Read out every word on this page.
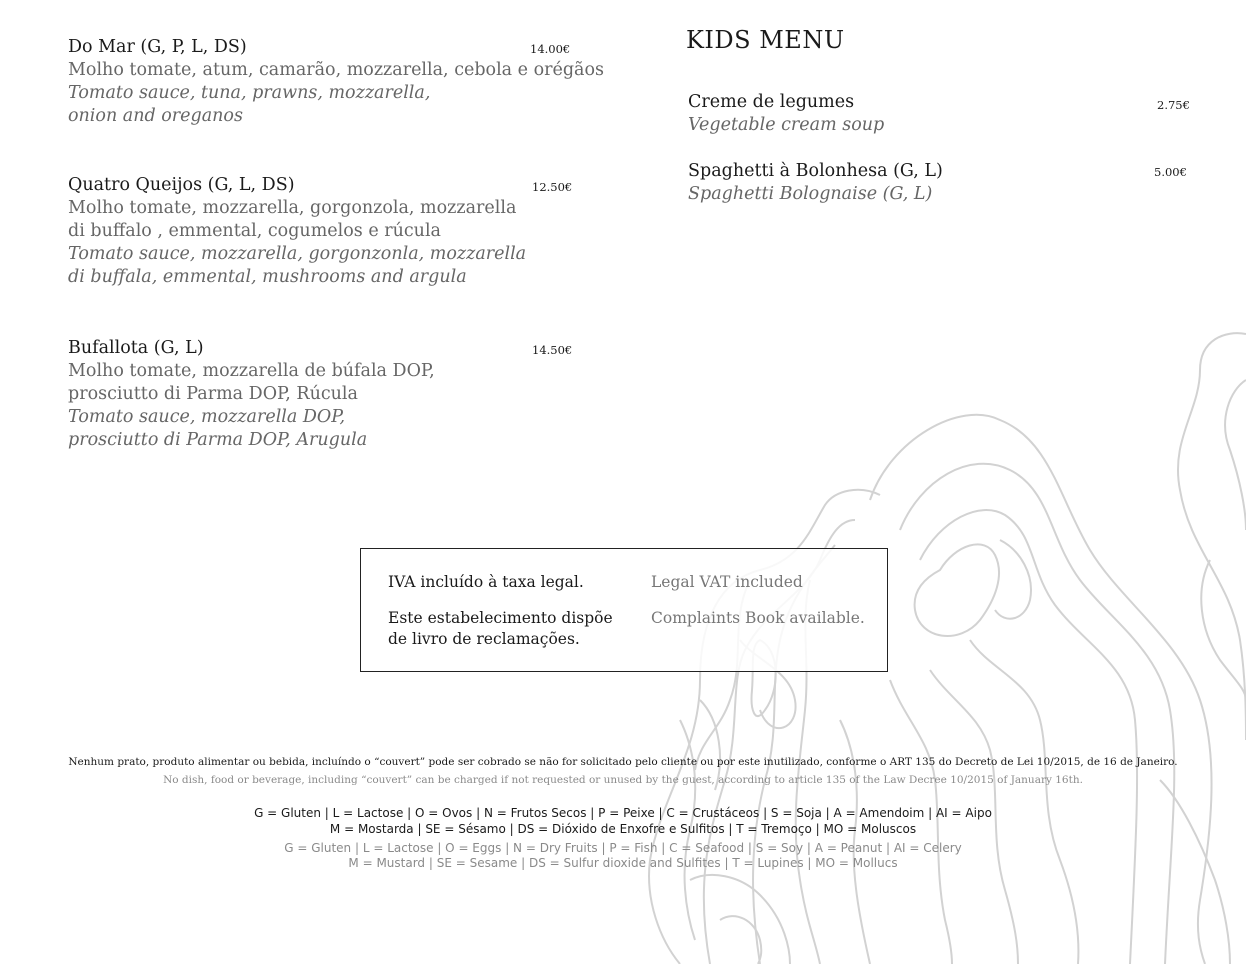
Do Mar (G, P, L, DS)
Molho tomate, atum, camarão, mozzarella, cebola e orégãos
Tomato sauce, tuna, prawns, mozzarella,
onion and oreganos
14.00€
Quatro Queijos (G, L, DS)
Molho tomate, mozzarella, gorgonzola, mozzarella
di buffalo , emmental, cogumelos e rúcula
Tomato sauce, mozzarella, gorgonzonla, mozzarella
di buffala, emmental, mushrooms and argula
12.50€
Bufallota (G, L)
Molho tomate, mozzarella de búfala DOP,
prosciutto di Parma DOP, Rúcula
Tomato sauce, mozzarella DOP,
prosciutto di Parma DOP, Arugula
14.50€
KIDS MENU
Creme de legumes
Vegetable cream soup
2.75€
Spaghetti à Bolonhesa (G, L)
Spaghetti Bolognaise (G, L)
5.00€
IVA incluído à taxa legal.	Legal VAT included
Este estabelecimento dispõe
de livro de reclamações.
Complaints Book available.
Nenhum prato, produto alimentar ou bebida, incluíndo o “couvert” pode ser cobrado se não for solicitado pelo cliente ou por este inutilizado, conforme o ART 135 do Decreto de Lei 10/2015, de 16 de Janeiro.
No dish, food or beverage, including “couvert” can be charged if not requested or unused by the guest, according to article 135 of the Law Decree 10/2015 of January 16th.
G = Gluten | L = Lactose | O = Ovos | N = Frutos Secos | P = Peixe | C = Crustáceos | S = Soja | A = Amendoim | AI = Aipo
M = Mostarda | SE = Sésamo | DS = Dióxido de Enxofre e Sulfitos | T = Tremoço | MO = Moluscos
G = Gluten | L = Lactose | O = Eggs | N = Dry Fruits | P = Fish | C = Seafood | S = Soy | A = Peanut | AI = Celery
M = Mustard | SE = Sesame | DS = Sulfur dioxide and Sulfites | T = Lupines | MO = Mollucs
